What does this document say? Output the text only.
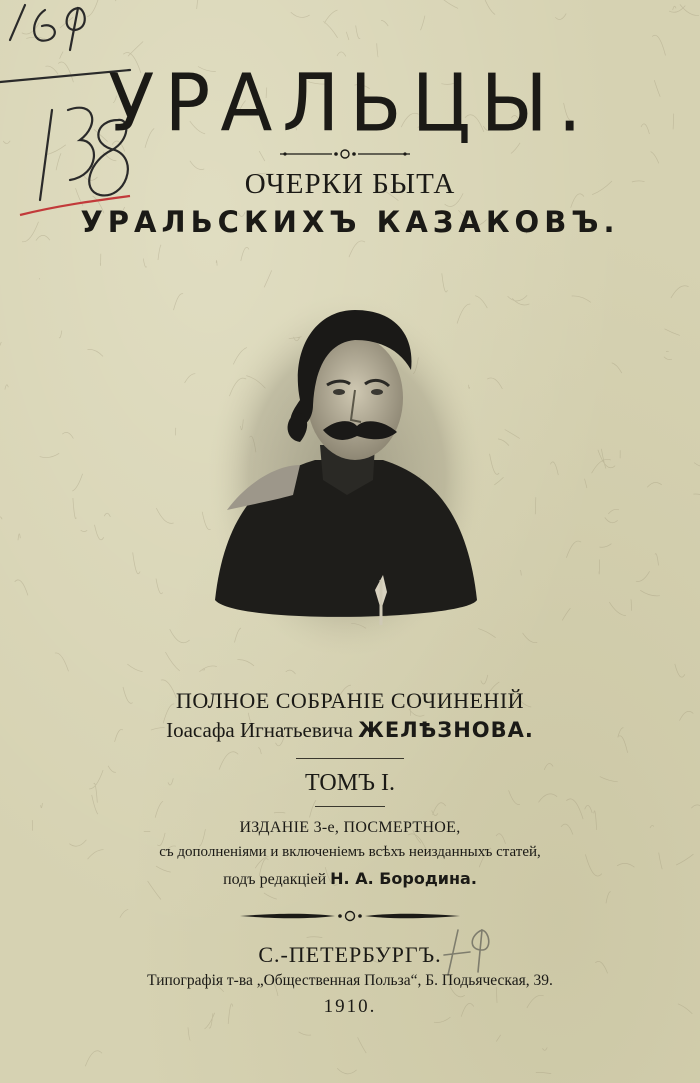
УРАЛЬЦЫ.
ОЧЕРКИ БЫТА
УРАЛЬСКИХЪ КАЗАКОВЪ.
ПОЛНОЕ СОБРАНІЕ СОЧИНЕНІЙ
Іоасафа Игнатьевича ЖЕЛѢЗНОВА.
ТОМЪ I.
ИЗДАНІЕ 3-е, ПОСМЕРТНОЕ,
съ дополненіями и включеніемъ всѣхъ неизданныхъ статей,
подъ редакціей Н. А. Бородина.
С.-ПЕТЕРБУРГЪ.
Типографія т-ва „Общественная Польза“, Б. Подьяческая, 39.
1910.
